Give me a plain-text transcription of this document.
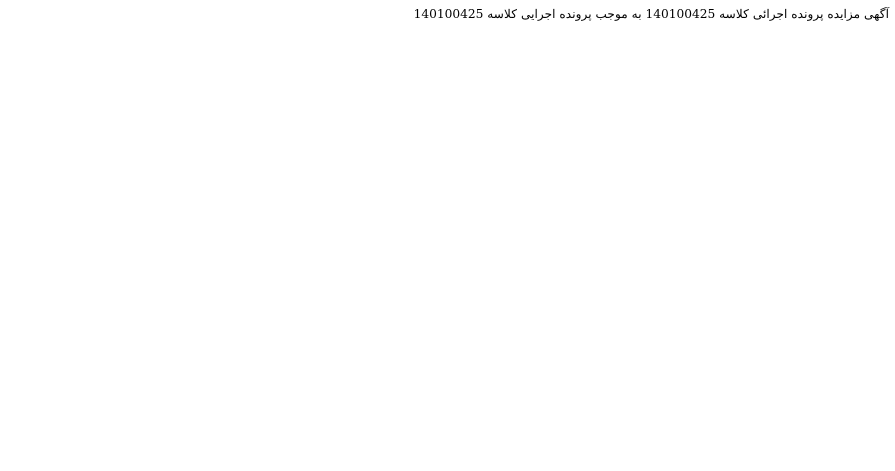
آگهی مزایده پرونده اجرائی کلاسه 140100425 به موجب پرونده اجرایی کلاسه 140100425
